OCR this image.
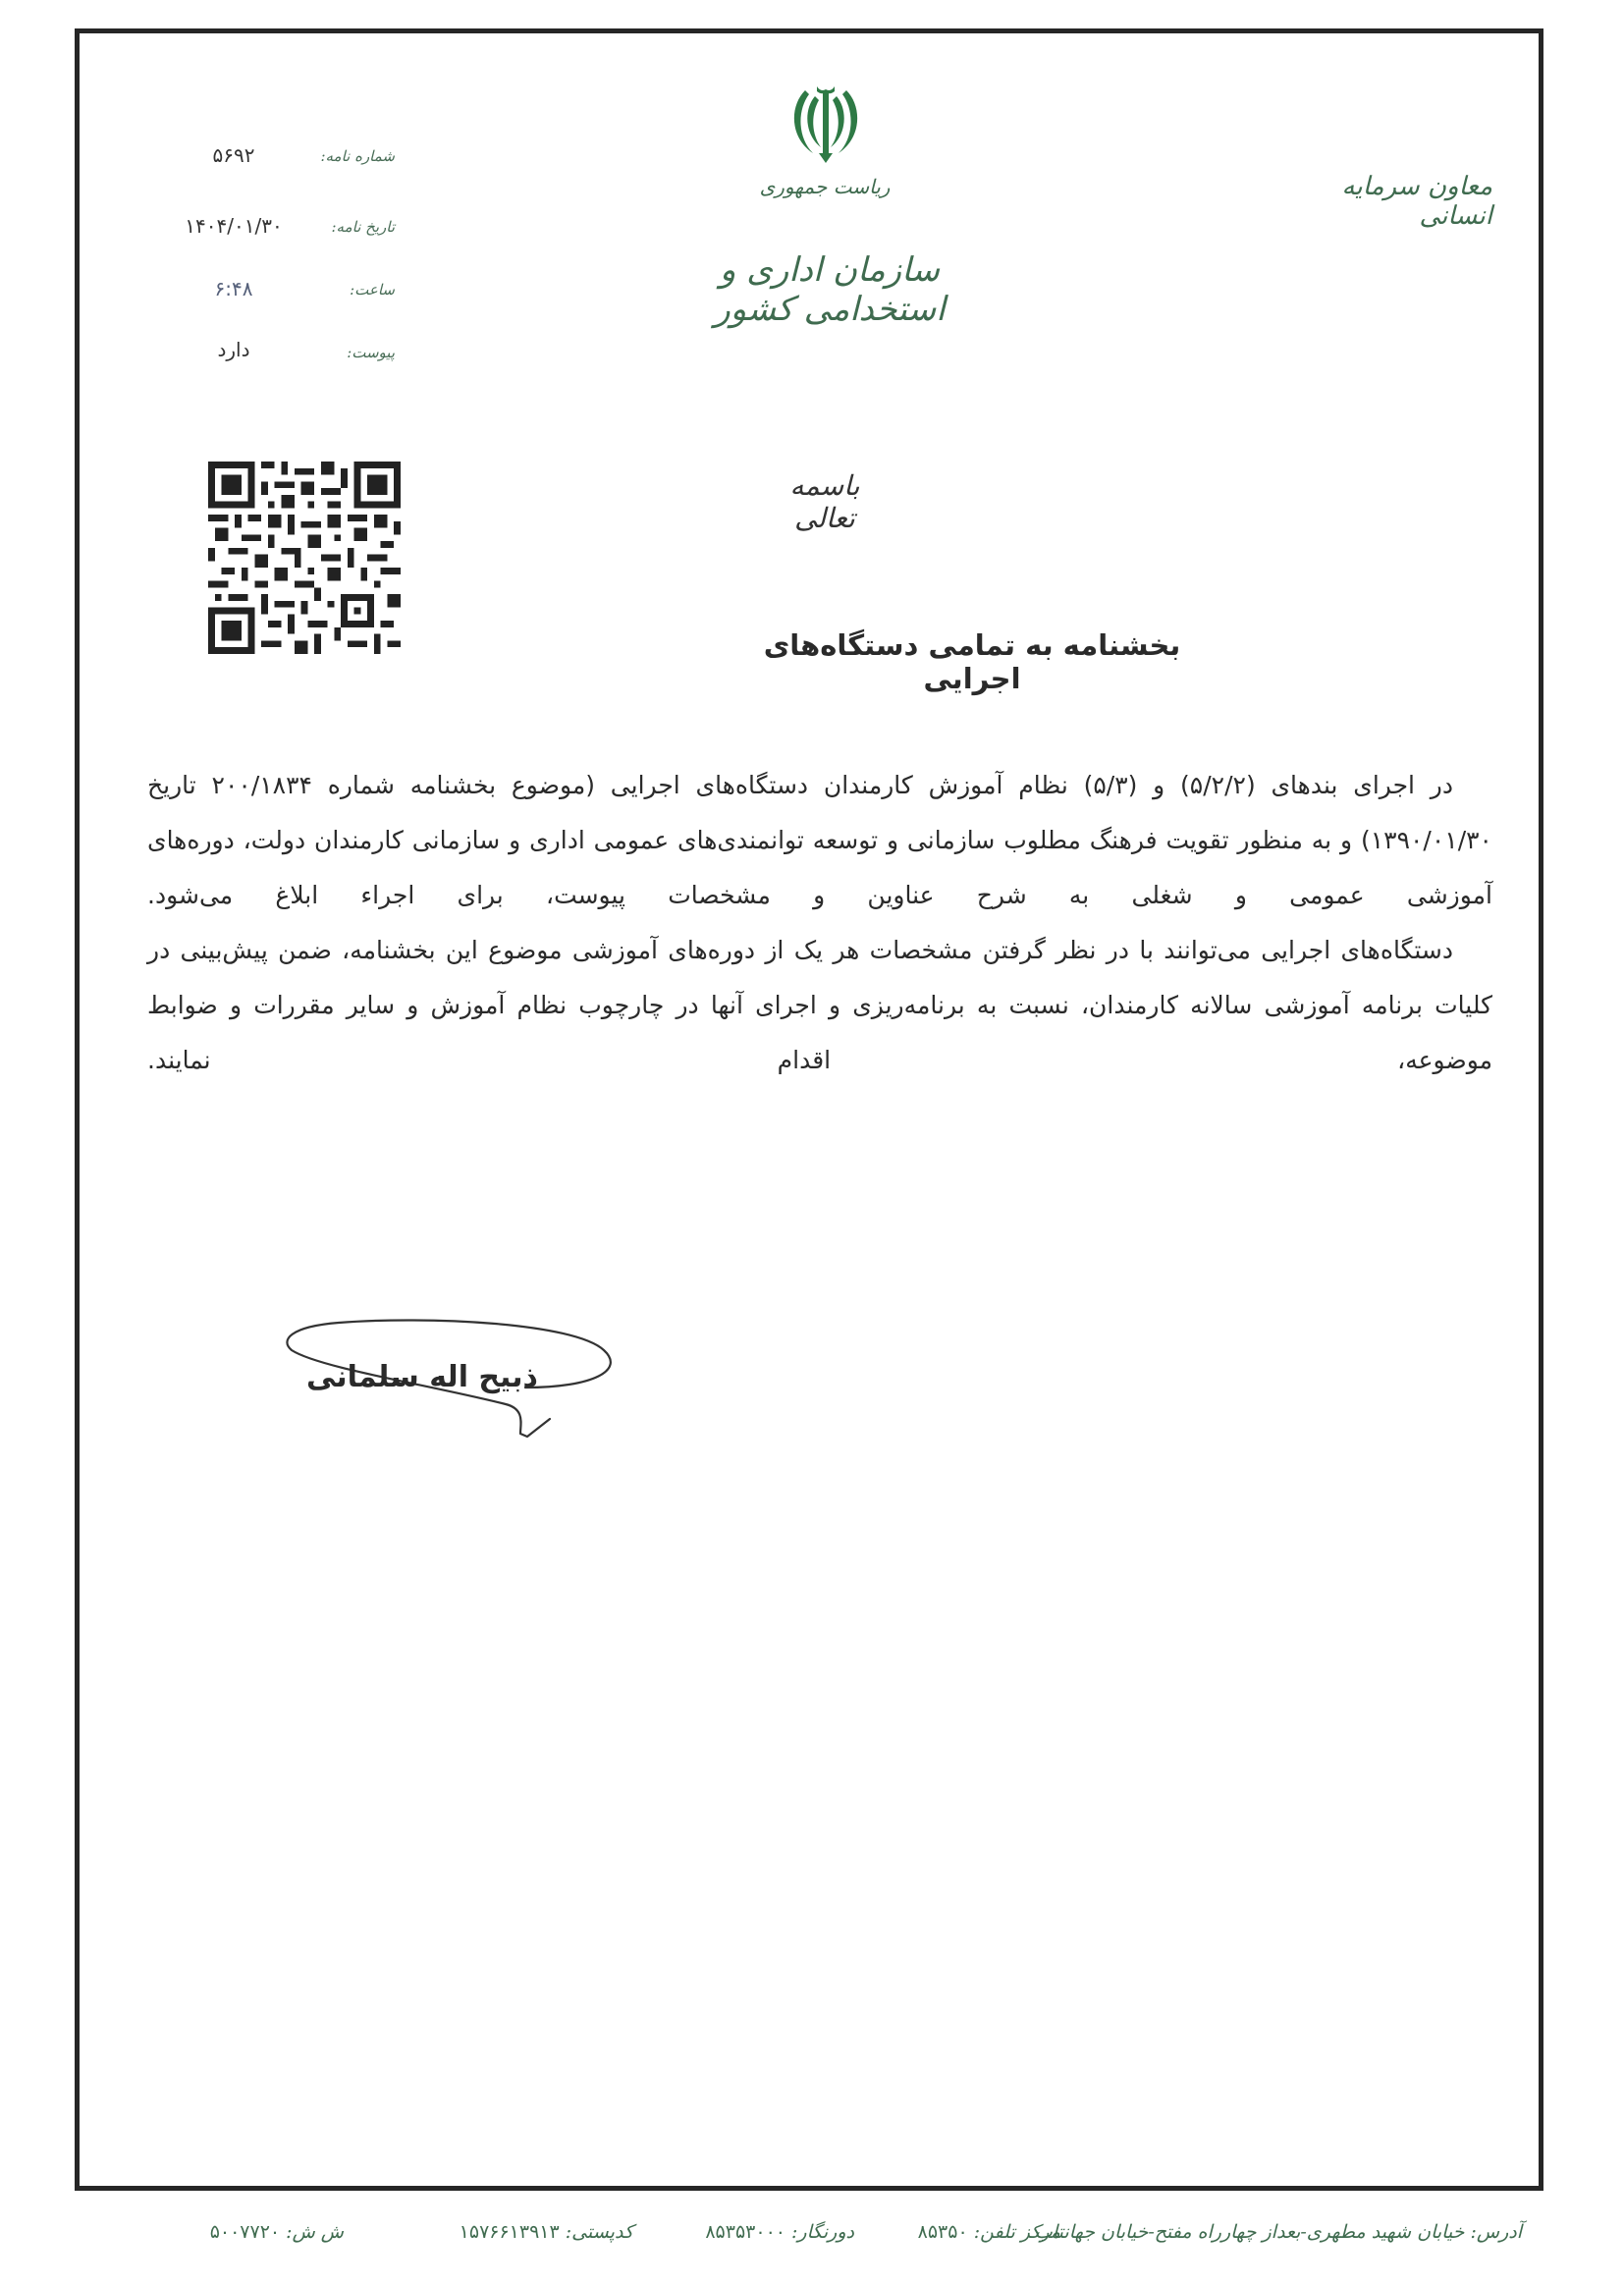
شماره نامه:
۵۶۹۲
تاریخ نامه:
۱۴۰۴/۰۱/۳۰
ساعت:
۶:۴۸
پیوست:
دارد
ریاست جمهوری
سازمان اداری و استخدامی کشور
معاون سرمایه انسانی
باسمه تعالی
بخشنامه به تمامی دستگاه‌های اجرایی

در اجرای بندهای (۵/۲/۲) و (۵/۳) نظام آموزش کارمندان دستگاه‌های اجرایی (موضوع بخشنامه شماره ۲۰۰/۱۸۳۴ تاریخ ۱۳۹۰/۰۱/۳۰) و به منظور تقویت فرهنگ مطلوب سازمانی و توسعه توانمندی‌های عمومی اداری و سازمانی کارمندان دولت، دوره‌های آموزشی عمومی و شغلی به شرح عناوین و مشخصات پیوست، برای اجراء ابلاغ می‌شود.

دستگاه‌های اجرایی می‌توانند با در نظر گرفتن مشخصات هر یک از دوره‌های آموزشی موضوع این بخشنامه، ضمن پیش‌بینی در کلیات برنامه آموزشی سالانه کارمندان، نسبت به برنامه‌ریزی و اجرای آنها در چارچوب نظام آموزش و سایر مقررات و ضوابط موضوعه، اقدام نمایند.

ذبیح اله سلمانی
آدرس: خیابان شهید مطهری-بعداز چهارراه مفتح-خیابان جهانتاب
مرکز تلفن: ۸۵۳۵۰
دورنگار: ۸۵۳۵۳۰۰۰
کدپستی: ۱۵۷۶۶۱۳۹۱۳
ش ش: ۵۰۰۷۷۲۰
